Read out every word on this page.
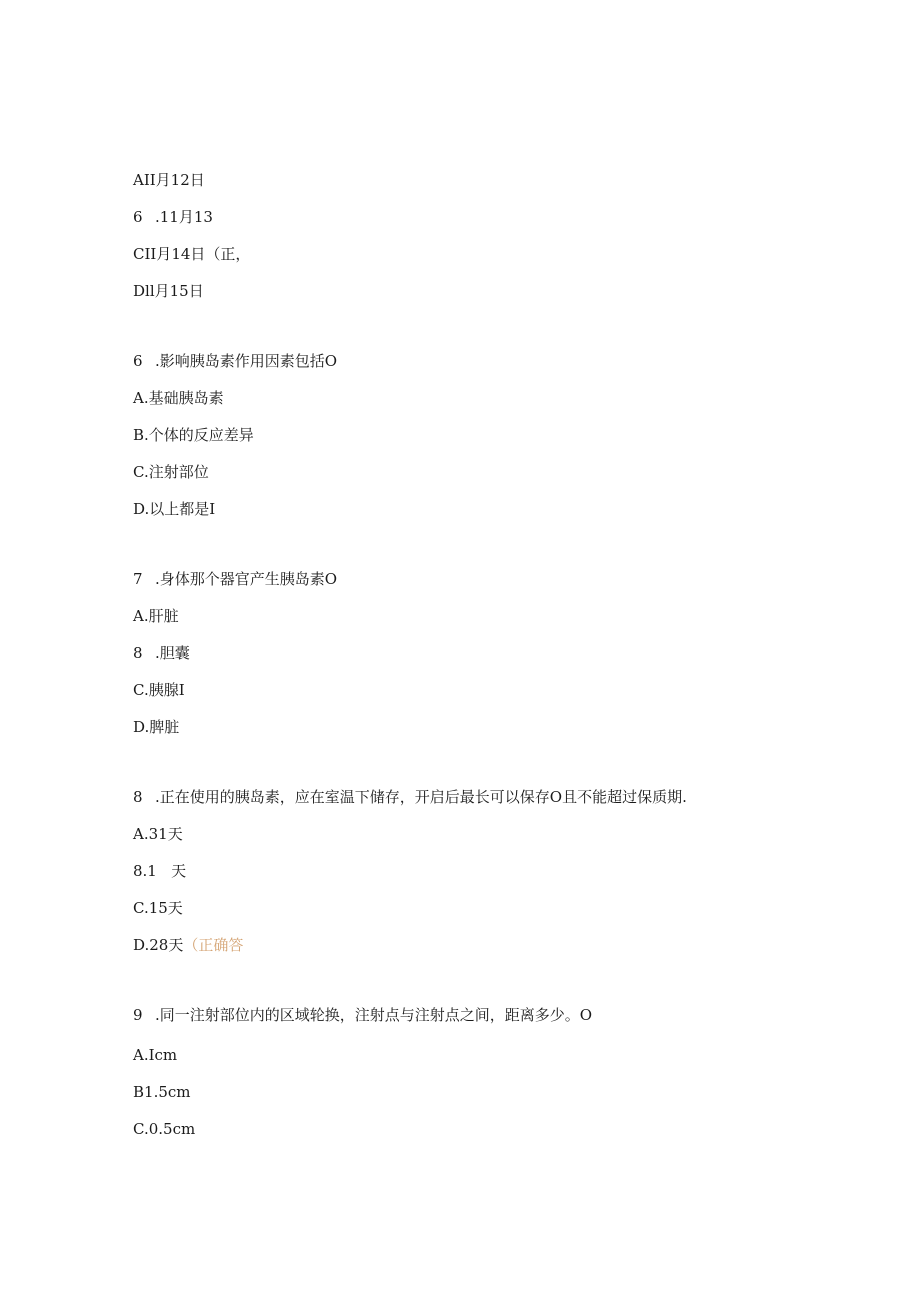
AII月12日
6 .11月13
CII月14日（正，
Dll月15日
6 .影响胰岛素作用因素包括O
A.基础胰岛素
B.个体的反应差异
C.注射部位
D.以上都是I
7 .身体那个器官产生胰岛素O
A.肝脏
8 .胆囊
C.胰腺I
D.脾脏
8 .正在使用的胰岛素，应在室温下储存，开启后最长可以保存O且不能超过保质期.
A.31天
8.1   天
C.15天
D.28天（正确答
9 .同一注射部位内的区域轮换，注射点与注射点之间，距离多少。O
A.Icm
B1.5cm
C.0.5cm
